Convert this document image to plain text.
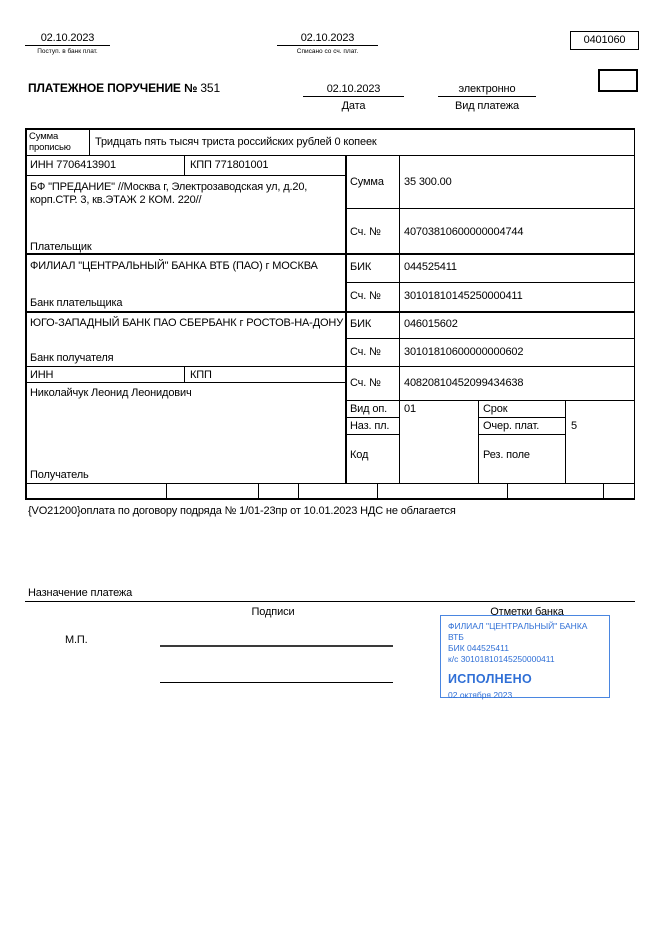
02.10.2023
Поступ. в банк плат.
02.10.2023
Списано со сч. плат.
0401060
ПЛАТЕЖНОЕ ПОРУЧЕНИЕ № 351	02.10.2023
Дата
электронно
Вид платежа
Сумма прописью	Тридцать пять тысяч триста российских рублей 0 копеек
ИНН 7706413901	КПП 771801001
БФ "ПРЕДАНИЕ" //Москва г, Электрозаводская ул, д.20, корп.СТР. 3, кв.ЭТАЖ 2 КОМ. 220//
Плательщик
Сумма 35 300.00
Сч. № 40703810600000004744
ФИЛИАЛ "ЦЕНТРАЛЬНЫЙ" БАНКА ВТБ (ПАО) г МОСКВА
Банк плательщика
БИК	044525411
Сч. № 30101810145250000411
ЮГО-ЗАПАДНЫЙ БАНК ПАО СБЕРБАНК г РОСТОВ-НА-ДОНУ
Банк получателя
БИК	046015602
Сч. № 30101810600000000602
ИНН	КПП
Николайчук Леонид Леонидович
Получатель
Сч. № 40820810452099434638
Вид оп. 01	Срок
Наз. пл.	Очер. плат.	5
Код	Рез. поле
{VO21200}оплата по договору подряда № 1/01-23пр от 10.01.2023 НДС не облагается
Назначение платежа
Подписи	Отметки банка
М.П.
ФИЛИАЛ "ЦЕНТРАЛЬНЫЙ" БАНКА ВТБ
БИК 044525411
к/с 30101810145250000411
ИСПОЛНЕНО
02 октября 2023
